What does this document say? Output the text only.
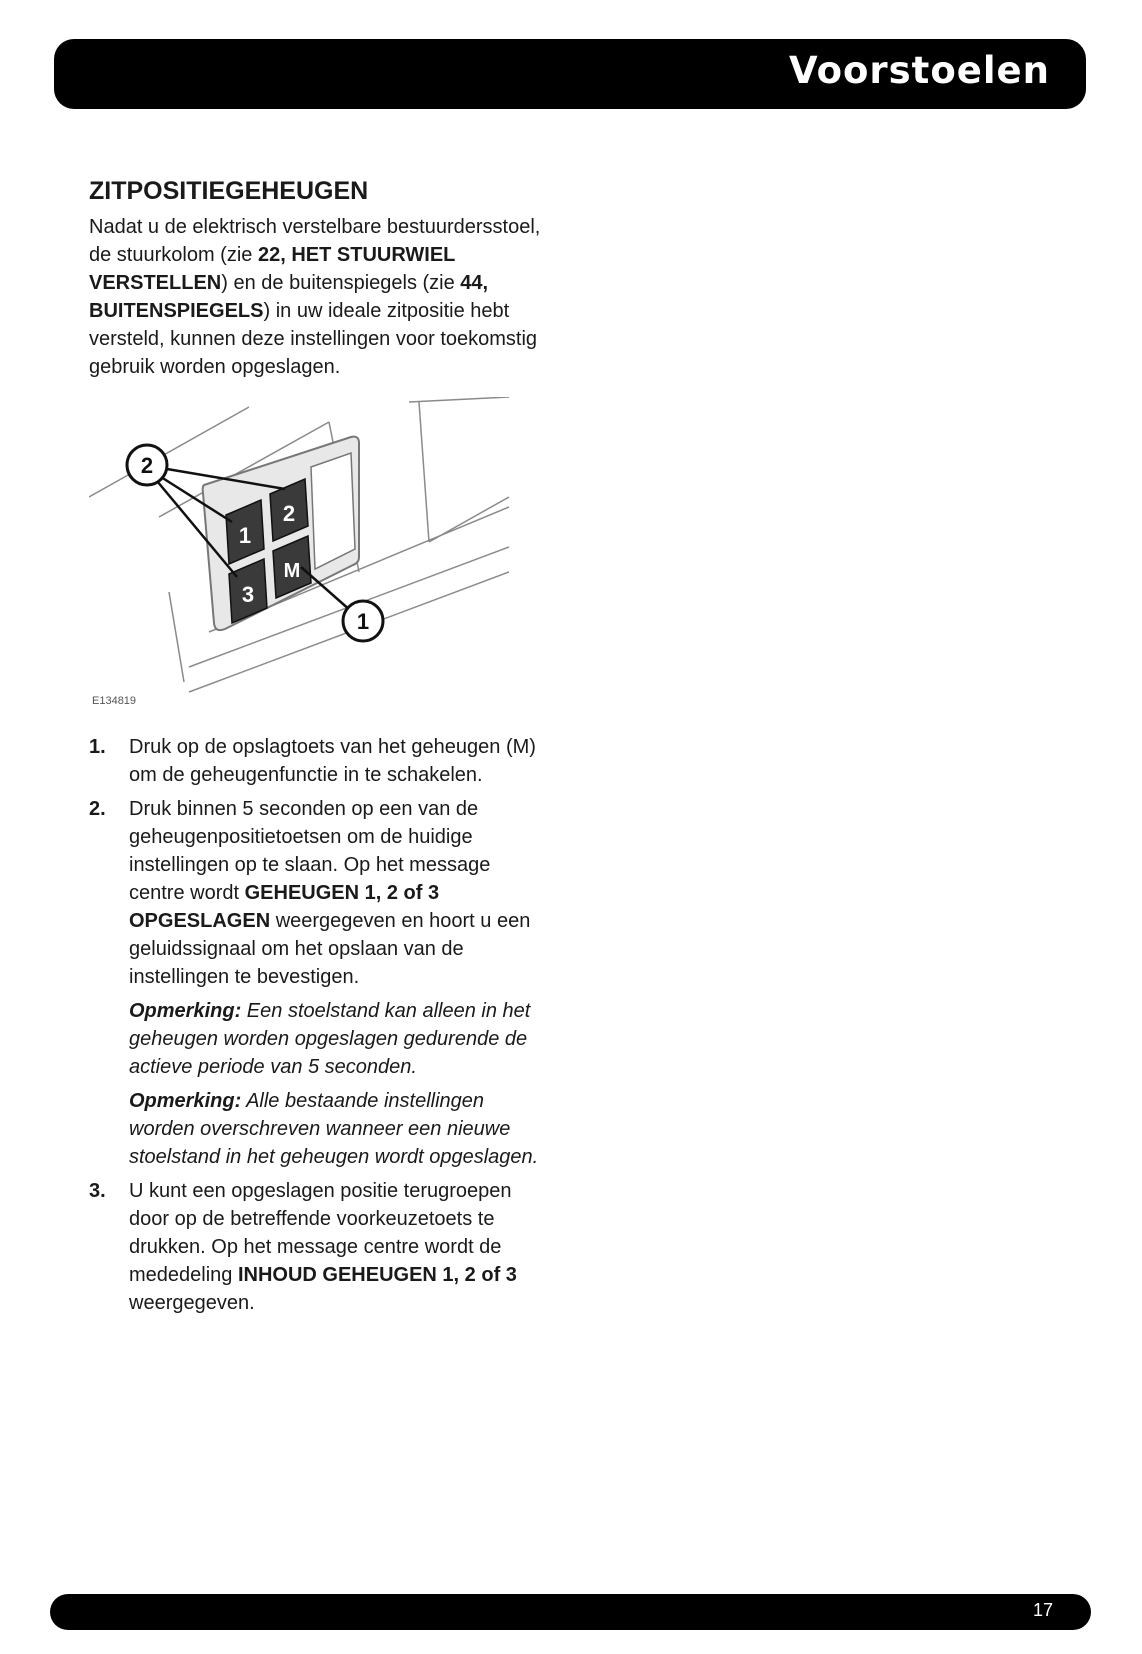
Voorstoelen
ZITPOSITIEGEHEUGEN

Nadat u de elektrisch verstelbare bestuurdersstoel, de stuurkolom (zie 22, HET STUURWIEL VERSTELLEN) en de buitenspiegels (zie 44, BUITENSPIEGELS) in uw ideale zitpositie hebt versteld, kunnen deze instellingen voor toekomstig gebruik worden opgeslagen.

1
2
3
M
2
1
E134819
1. Druk op de opslagtoets van het geheugen (M) om de geheugenfunctie in te schakelen.
2. Druk binnen 5 seconden op een van de geheugenpositietoetsen om de huidige instellingen op te slaan. Op het message centre wordt GEHEUGEN 1, 2 of 3 OPGESLAGEN weergegeven en hoort u een geluidssignaal om het opslaan van de instellingen te bevestigen.
Opmerking: Een stoelstand kan alleen in het geheugen worden opgeslagen gedurende de actieve periode van 5 seconden.
Opmerking: Alle bestaande instellingen worden overschreven wanneer een nieuwe stoelstand in het geheugen wordt opgeslagen.
3. U kunt een opgeslagen positie terugroepen door op de betreffende voorkeuzetoets te drukken. Op het message centre wordt de mededeling INHOUD GEHEUGEN 1, 2 of 3 weergegeven.
17
